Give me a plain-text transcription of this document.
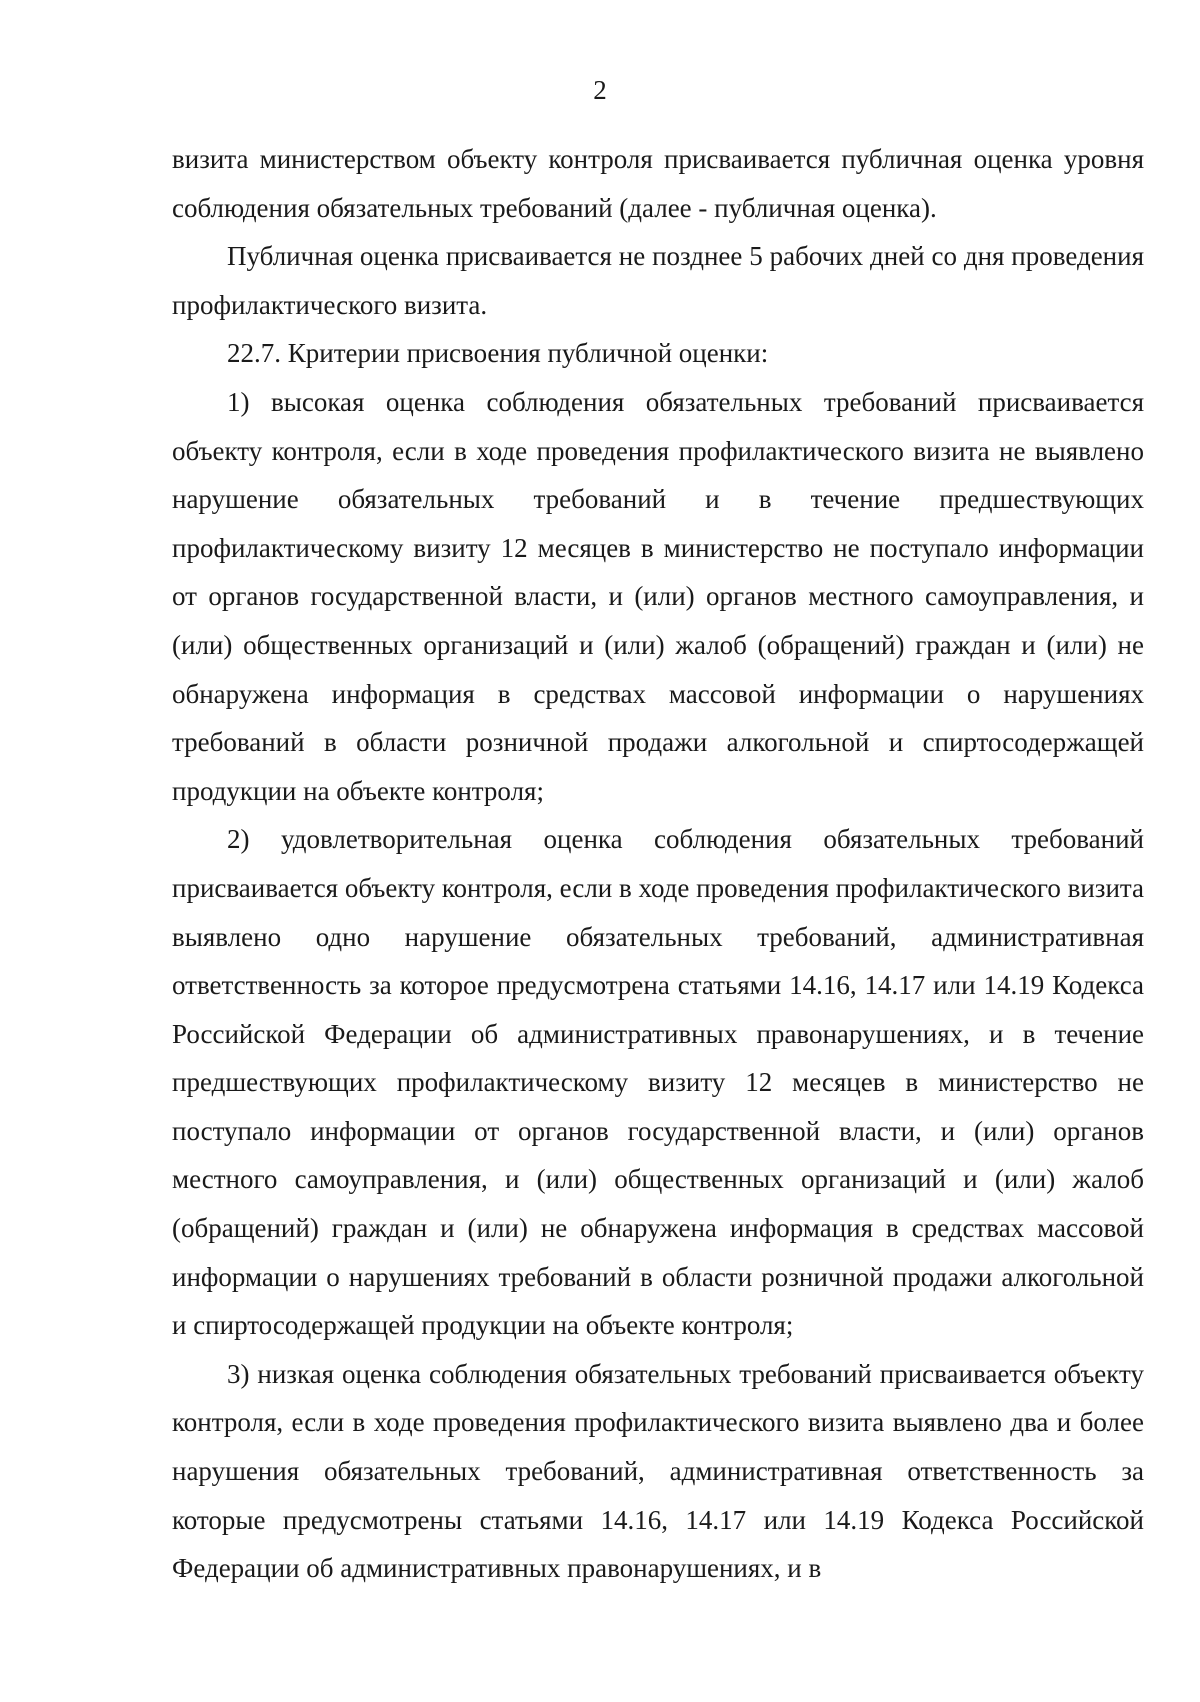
2

визита министерством объекту контроля присваивается публичная оценка уровня соблюдения обязательных требований (далее - публичная оценка).

Публичная оценка присваивается не позднее 5 рабочих дней со дня проведения профилактического визита.

22.7. Критерии присвоения публичной оценки:

1) высокая оценка соблюдения обязательных требований присваивается объекту контроля, если в ходе проведения профилактического визита не выявлено нарушение обязательных требований и в течение предшествующих профилактическому визиту 12 месяцев в министерство не поступало информации от органов государственной власти, и (или) органов местного самоуправления, и (или) общественных организаций и (или) жалоб (обращений) граждан и (или) не обнаружена информация в средствах массовой информации о нарушениях требований в области розничной продажи алкогольной и спиртосодержащей продукции на объекте контроля;

2) удовлетворительная оценка соблюдения обязательных требований присваивается объекту контроля, если в ходе проведения профилактического визита выявлено одно нарушение обязательных требований, административная ответственность за которое предусмотрена статьями 14.16, 14.17 или 14.19 Кодекса Российской Федерации об административных правонарушениях, и в течение предшествующих профилактическому визиту 12 месяцев в министерство не поступало информации от органов государственной власти, и (или) органов местного самоуправления, и (или) общественных организаций и (или) жалоб (обращений) граждан и (или) не обнаружена информация в средствах массовой информации о нарушениях требований в области розничной продажи алкогольной и спиртосодержащей продукции на объекте контроля;

3) низкая оценка соблюдения обязательных требований присваивается объекту контроля, если в ходе проведения профилактического визита выявлено два и более нарушения обязательных требований, административная ответственность за которые предусмотрены статьями 14.16, 14.17 или 14.19 Кодекса Российской Федерации об административных правонарушениях, и в
